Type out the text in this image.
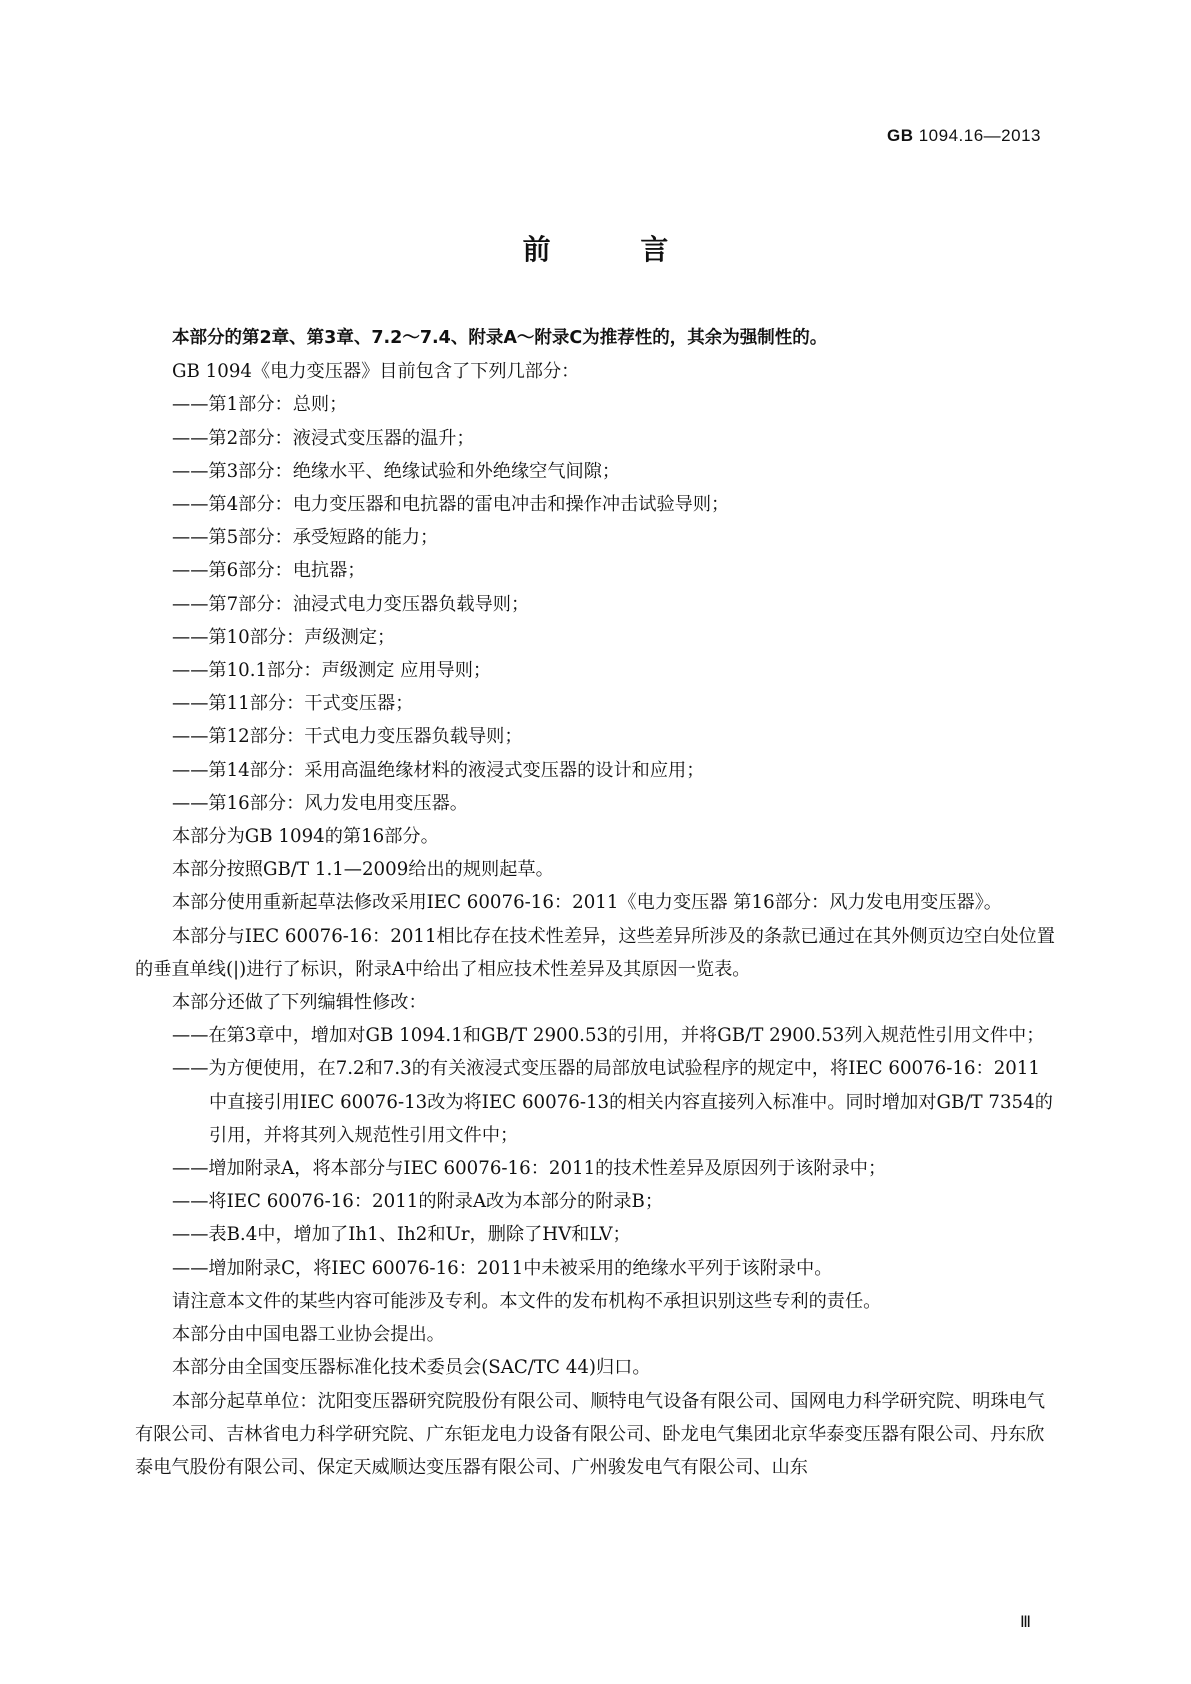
GB 1094.16—2013
前 言

本部分的第2章、第3章、7.2～7.4、附录A～附录C为推荐性的，其余为强制性的。

GB 1094《电力变压器》目前包含了下列几部分：

——第1部分：总则；

——第2部分：液浸式变压器的温升；

——第3部分：绝缘水平、绝缘试验和外绝缘空气间隙；

——第4部分：电力变压器和电抗器的雷电冲击和操作冲击试验导则；

——第5部分：承受短路的能力；

——第6部分：电抗器；

——第7部分：油浸式电力变压器负载导则；

——第10部分：声级测定；

——第10.1部分：声级测定 应用导则；

——第11部分：干式变压器；

——第12部分：干式电力变压器负载导则；

——第14部分：采用高温绝缘材料的液浸式变压器的设计和应用；

——第16部分：风力发电用变压器。

本部分为GB 1094的第16部分。

本部分按照GB/T 1.1—2009给出的规则起草。

本部分使用重新起草法修改采用IEC 60076-16：2011《电力变压器 第16部分：风力发电用变压器》。

本部分与IEC 60076-16：2011相比存在技术性差异，这些差异所涉及的条款已通过在其外侧页边空白处位置的垂直单线(|)进行了标识，附录A中给出了相应技术性差异及其原因一览表。

本部分还做了下列编辑性修改：

——在第3章中，增加对GB 1094.1和GB/T 2900.53的引用，并将GB/T 2900.53列入规范性引用文件中；

——为方便使用，在7.2和7.3的有关液浸式变压器的局部放电试验程序的规定中，将IEC 60076-16：2011中直接引用IEC 60076-13改为将IEC 60076-13的相关内容直接列入标准中。同时增加对GB/T 7354的引用，并将其列入规范性引用文件中；

——增加附录A，将本部分与IEC 60076-16：2011的技术性差异及原因列于该附录中；

——将IEC 60076-16：2011的附录A改为本部分的附录B；

——表B.4中，增加了Ih1、Ih2和Ur，删除了HV和LV；

——增加附录C，将IEC 60076-16：2011中未被采用的绝缘水平列于该附录中。

请注意本文件的某些内容可能涉及专利。本文件的发布机构不承担识别这些专利的责任。

本部分由中国电器工业协会提出。

本部分由全国变压器标准化技术委员会(SAC/TC 44)归口。

本部分起草单位：沈阳变压器研究院股份有限公司、顺特电气设备有限公司、国网电力科学研究院、明珠电气有限公司、吉林省电力科学研究院、广东钜龙电力设备有限公司、卧龙电气集团北京华泰变压器有限公司、丹东欣泰电气股份有限公司、保定天威顺达变压器有限公司、广州骏发电气有限公司、山东

Ⅲ
